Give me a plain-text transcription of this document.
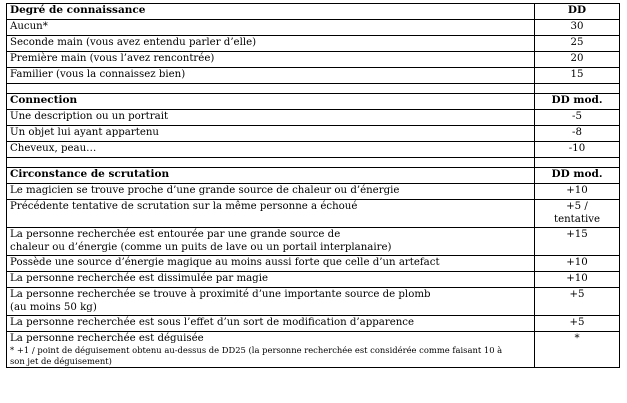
Degré de connaissance	DD
Aucun*	30
Seconde main (vous avez entendu parler d’elle)	25
Première main (vous l’avez rencontrée)	20
Familier (vous la connaissez bien)	15

Connection	DD mod.
Une description ou un portrait	-5
Un objet lui ayant appartenu	-8
Cheveux, peau…	-10

Circonstance de scrutation	DD mod.
Le magicien se trouve proche d’une grande source de chaleur ou d’énergie	+10
Précédente tentative de scrutation sur la même personne a échoué	+5 /
tentative

La personne recherchée est entourée par une grande source de
chaleur ou d’énergie (comme un puits de lave ou un portail interplanaire)	+15
Possède une source d’énergie magique au moins aussi forte que celle d’un artefact	+10
La personne recherchée est dissimulée par magie	+10

La personne recherchée se trouve à proximité d’une importante source de plomb
(au moins 50 kg)	+5
La personne recherchée est sous l’effet d’un sort de modification d’apparence	+5

La personne recherchée est déguisée
* +1 / point de déguisement obtenu au-dessus de DD25 (la personne recherchée est considérée comme faisant 10 à
son jet de déguisement)	*
